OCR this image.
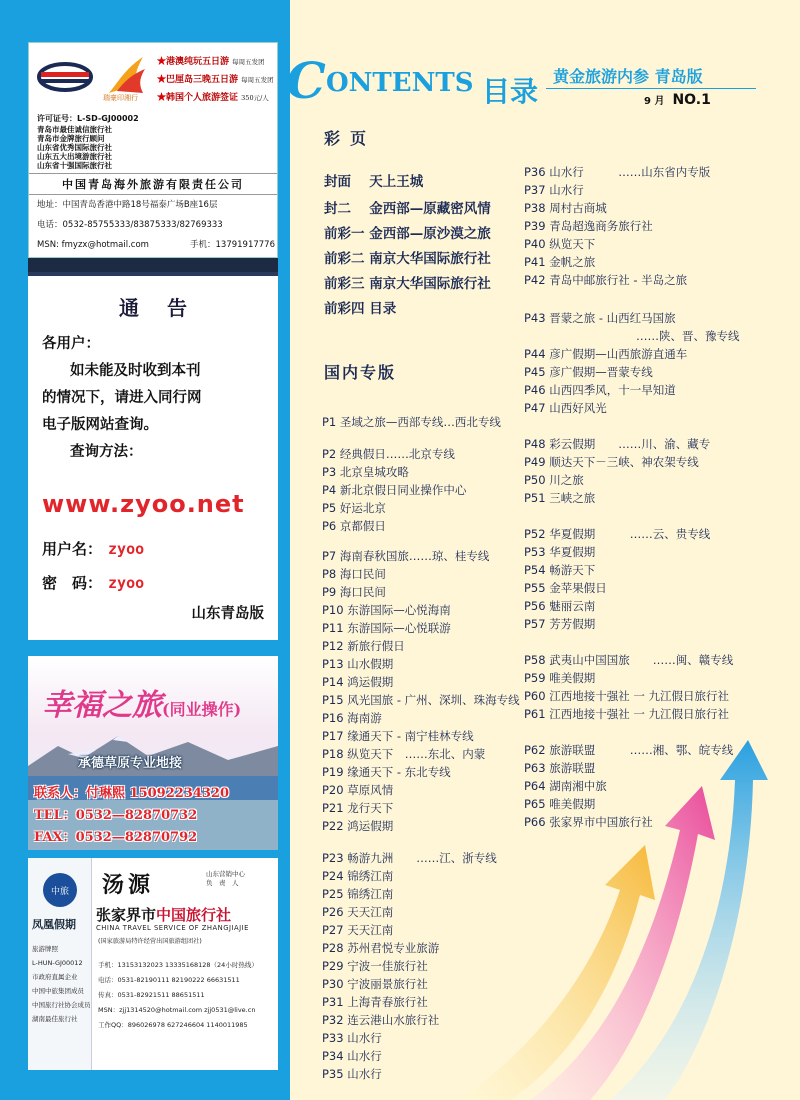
瑞豪印湘行
★港澳纯玩五日游 每周五发团
★巴厘岛三晚五日游 每周五发团
★韩国个人旅游签证 350元/人
许可证号：L-SD-GJ00002
青岛市最佳诚信旅行社
青岛市金牌旅行顾问
山东省优秀国际旅行社
山东五大出境游旅行社
山东省十强国际旅行社
中国青岛海外旅游有限责任公司
地址：中国青岛香港中路18号福泰广场B座16层
电话：0532-85755333/83875333/82769333
MSN: fmyzx@hotmail.com	手机：13791917776
通告
各用户：
如未能及时收到本刊
的情况下，请进入同行网
电子版网站查询。
查询方法：
www.zyoo.net
用户名： zyoo
密　码： zyoo
山东青岛版
幸福之旅(同业操作)
承德草原专业地接
联系人：付琳熙 15092234320
TEL：0532—82870732
FAX：0532—82870792
中旅
凤凰假期
旅游牌照
L-HUN-GJ00012
市政府直属企业
中国中旅集团成员
中国旅行社协会成员
湖南最佳旅行社
汤源	山东营销中心
负　责　人
张家界市中国旅行社
CHINA TRAVEL SERVICE OF ZHANGJIAJIE
(国家旅游局特许经营出国旅游组团社)
手机：13153132023 13335168128（24小时热线）
电话：0531-82190111 82190222 66631511
传真：0531-82921511 88651511
MSN：zjj1314520@hotmail.com zjj0531@live.cn
工作QQ：896026978 627246604 1140011985
C ONTENTS 目录 黄金旅游内参 青岛版
9 月 NO.1
彩页
封面　 天上王城
封二　 金西部—原藏密风情
前彩一 金西部—原沙漠之旅
前彩二 南京大华国际旅行社
前彩三 南京大华国际旅行社
前彩四 目录
国内专版
P1 圣域之旅—西部专线…西北专线
P2 经典假日……北京专线
P3 北京皇城攻略
P4 新北京假日同业操作中心
P5 好运北京
P6 京都假日
P7 海南春秋国旅……琼、桂专线
P8 海口民间
P9 海口民间
P10 东游国际—心悦海南
P11 东游国际—心悦联游
P12 新旅行假日
P13 山水假期
P14 鸿运假期
P15 风光国旅 - 广州、深圳、珠海专线
P16 海南游
P17 缘通天下 - 南宁桂林专线
P18 纵览天下　……东北、内蒙
P19 缘通天下 - 东北专线
P20 草原风情
P21 龙行天下
P22 鸿运假期
P23 畅游九洲　　……江、浙专线
P24 锦绣江南
P25 锦绣江南
P26 天天江南
P27 天天江南
P28 苏州君悦专业旅游
P29 宁波一佳旅行社
P30 宁波丽景旅行社
P31 上海青春旅行社
P32 连云港山水旅行社
P33 山水行
P34 山水行
P35 山水行
P36 山水行　　　……山东省内专版
P37 山水行
P38 周村古商城
P39 青岛超逸商务旅行社
P40 纵览天下
P41 金帆之旅
P42 青岛中邮旅行社 - 半岛之旅
P43 晋蒙之旅 - 山西红马国旅
……陕、晋、豫专线
P44 彦广假期—山西旅游直通车
P45 彦广假期—晋蒙专线
P46 山西四季风，十一早知道
P47 山西好风光
P48 彩云假期　　……川、渝、藏专
P49 顺达天下－三峡、神农架专线
P50 川之旅
P51 三峡之旅
P52 华夏假期　　　……云、贵专线
P53 华夏假期
P54 畅游天下
P55 金苹果假日
P56 魅丽云南
P57 芳芳假期
P58 武夷山中国国旅　　……闽、赣专线
P59 唯美假期
P60 江西地接十强社 一 九江假日旅行社
P61 江西地接十强社 一 九江假日旅行社
P62 旅游联盟　　　……湘、鄂、皖专线
P63 旅游联盟
P64 湖南湘中旅
P65 唯美假期
P66 张家界市中国旅行社
